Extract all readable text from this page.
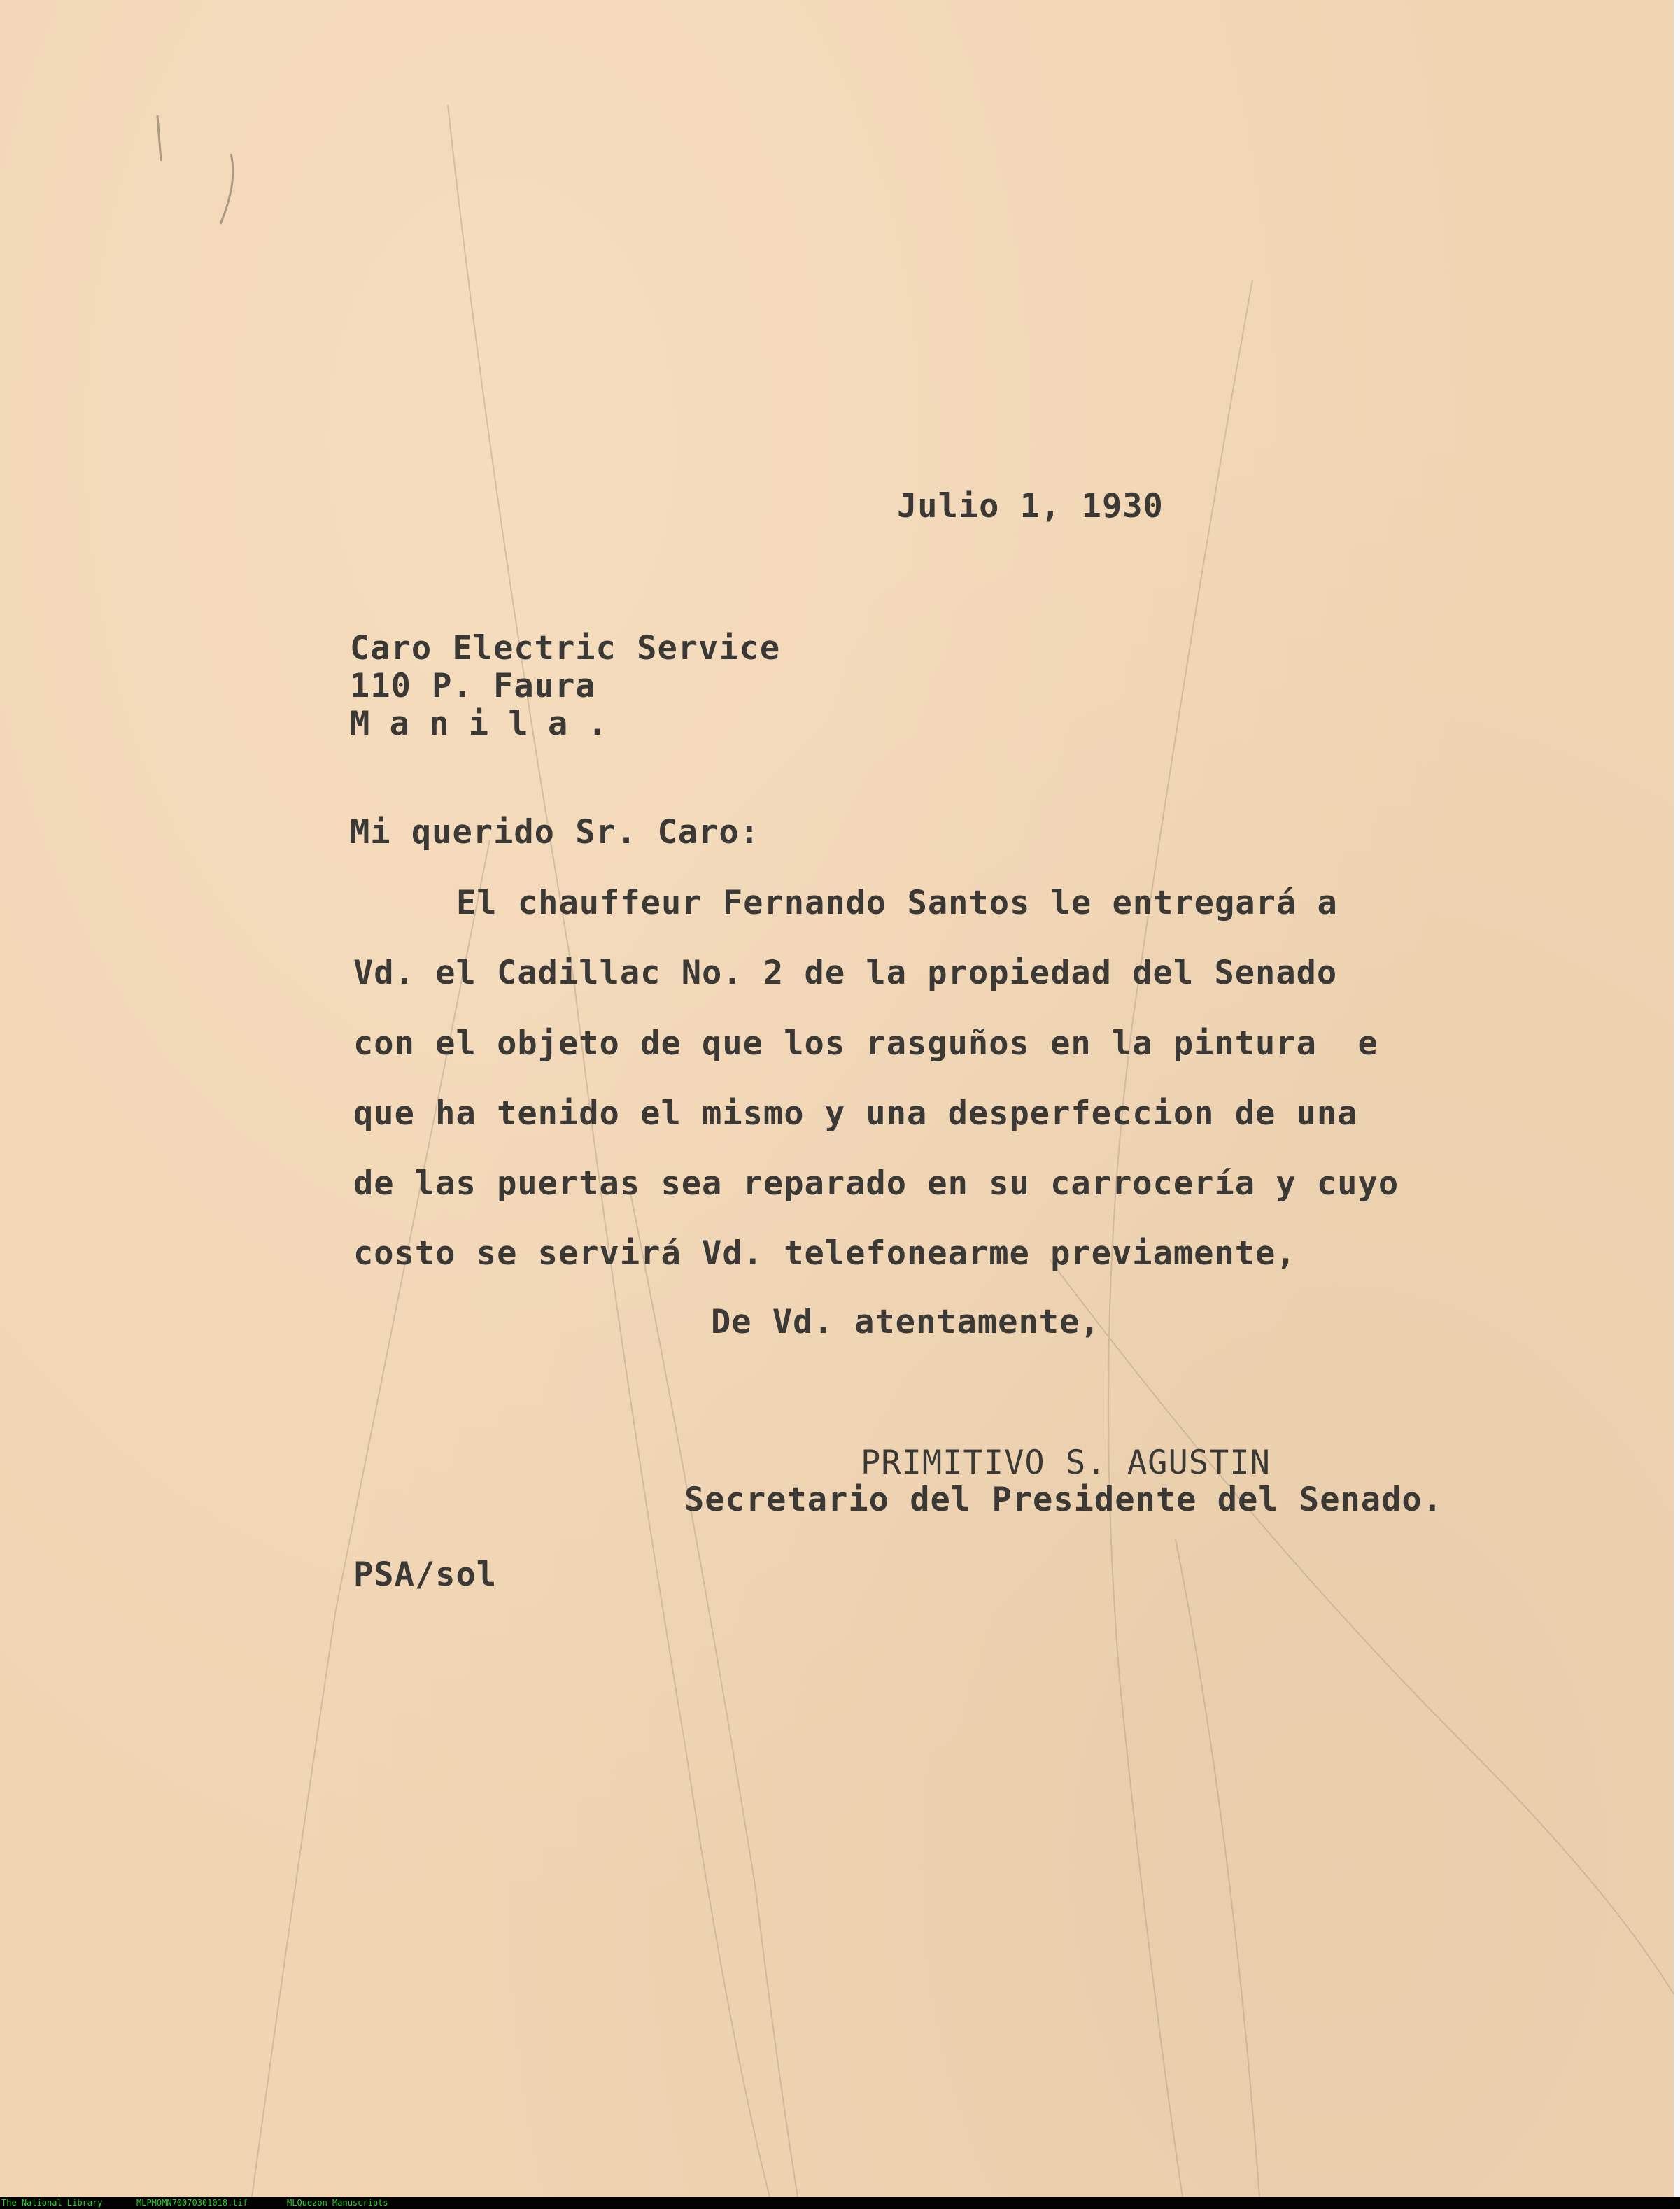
Julio 1, 1930
Caro Electric Service
110 P. Faura
M a n i l a .
Mi querido Sr. Caro:
El chauffeur Fernando Santos le entregará a
Vd. el Cadillac No. 2 de la propiedad del Senado
con el objeto de que los rasguños en la pintura  e
que ha tenido el mismo y una desperfeccion de una
de las puertas sea reparado en su carrocería y cuyo
costo se servirá Vd. telefonearme previamente,
De Vd. atentamente,
PRIMITIVO S. AGUSTIN
Secretario del Presidente del Senado.
PSA/sol
The National Library	MLPMQMN70070301018.tif	MLQuezon Manuscripts
